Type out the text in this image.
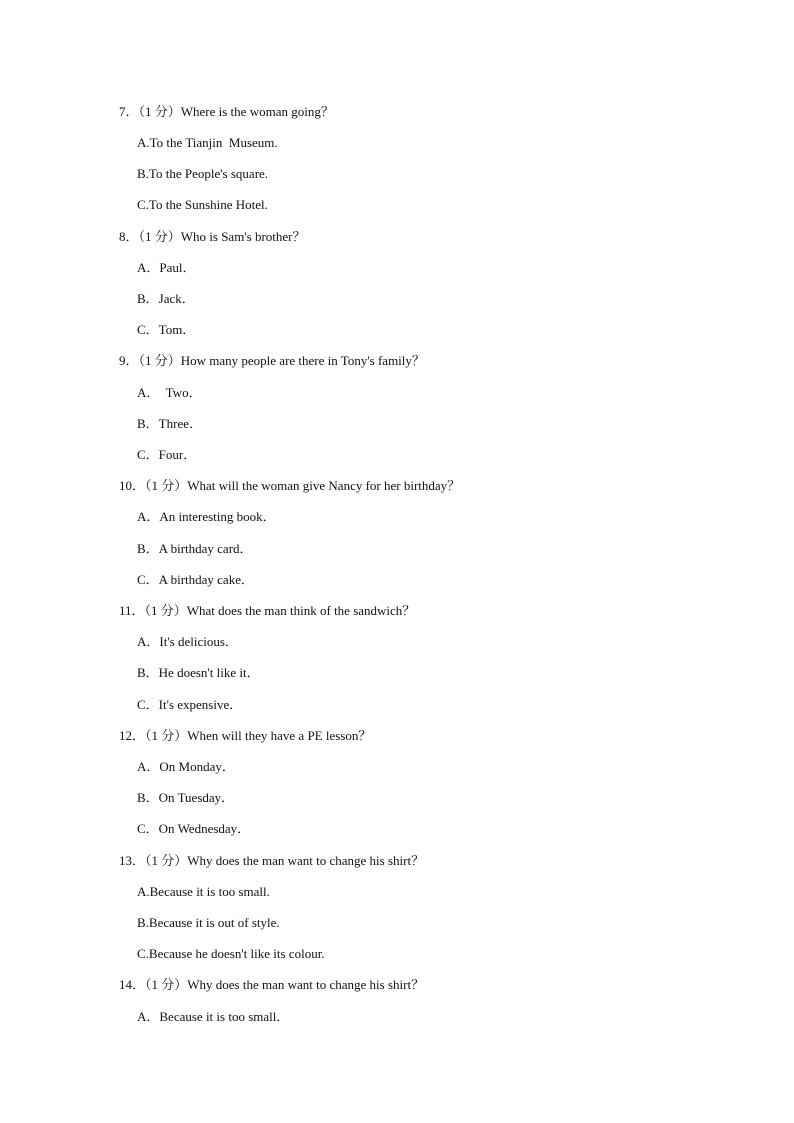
7．（1 分）Where is the woman going？

A.To the Tianjin  Museum.

B.To the People's square.

C.To the Sunshine Hotel.

8．（1 分）Who is Sam's brother？

A．Paul．

B．Jack．

C．Tom．

9．（1 分）How many people are there in Tony's family？

A．  Two．

B．Three．

C．Four．

10．（1 分）What will the woman give Nancy for her birthday？

A．An interesting book．

B．A birthday card．

C．A birthday cake．

11．（1 分）What does the man think of the sandwich？

A．It's delicious．

B．He doesn't like it．

C．It's expensive．

12．（1 分）When will they have a PE lesson？

A．On Monday．

B．On Tuesday．

C．On Wednesday．

13．（1 分）Why does the man want to change his shirt？

A.Because it is too small.

B.Because it is out of style.

C.Because he doesn't like its colour.

14．（1 分）Why does the man want to change his shirt？

A．Because it is too small．
